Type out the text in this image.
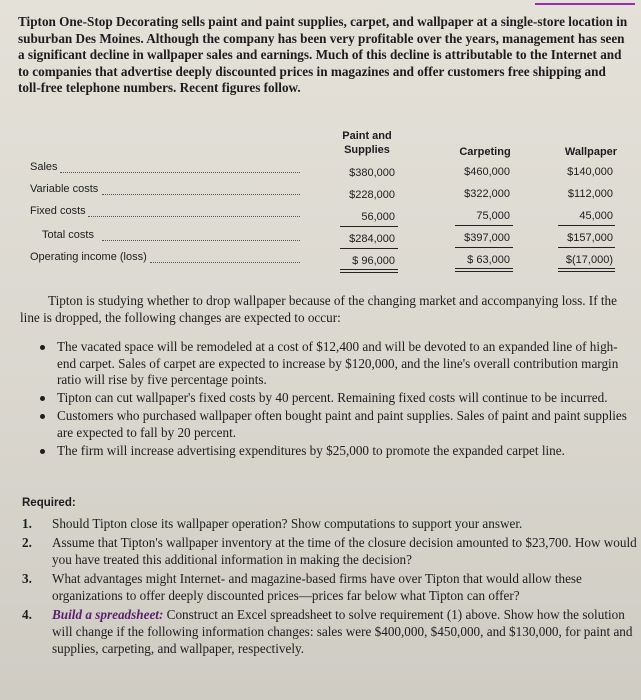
Tipton One-Stop Decorating sells paint and paint supplies, carpet, and wallpaper at a single-store location in suburban Des Moines. Although the company has been very profitable over the years, management has seen a significant decline in wallpaper sales and earnings. Much of this decline is attributable to the Internet and to companies that advertise deeply discounted prices in magazines and offer customers free shipping and toll-free telephone numbers. Recent figures follow.

Paint and
Supplies	Carpeting	Wallpaper
Sales	$380,000	$460,000	$140,000
Variable costs	$228,000	$322,000	$112,000
Fixed costs	56,000	75,000	45,000
Total costs	$284,000	$397,000	$157,000
Operating income (loss)	$ 96,000	$ 63,000	$(17,000)

Tipton is studying whether to drop wallpaper because of the changing market and accompanying loss. If the line is dropped, the following changes are expected to occur:

The vacated space will be remodeled at a cost of $12,400 and will be devoted to an expanded line of high-end carpet. Sales of carpet are expected to increase by $120,000, and the line's overall contribution margin ratio will rise by five percentage points.
Tipton can cut wallpaper's fixed costs by 40 percent. Remaining fixed costs will continue to be incurred.
Customers who purchased wallpaper often bought paint and paint supplies. Sales of paint and paint supplies are expected to fall by 20 percent.
The firm will increase advertising expenditures by $25,000 to promote the expanded carpet line.
Required:
1. Should Tipton close its wallpaper operation? Show computations to support your answer.
2. Assume that Tipton's wallpaper inventory at the time of the closure decision amounted to $23,700. How would you have treated this additional information in making the decision?
3. What advantages might Internet- and magazine-based firms have over Tipton that would allow these organizations to offer deeply discounted prices—prices far below what Tipton can offer?
4. Build a spreadsheet: Construct an Excel spreadsheet to solve requirement (1) above. Show how the solution will change if the following information changes: sales were $400,000, $450,000, and $130,000, for paint and supplies, carpeting, and wallpaper, respectively.
